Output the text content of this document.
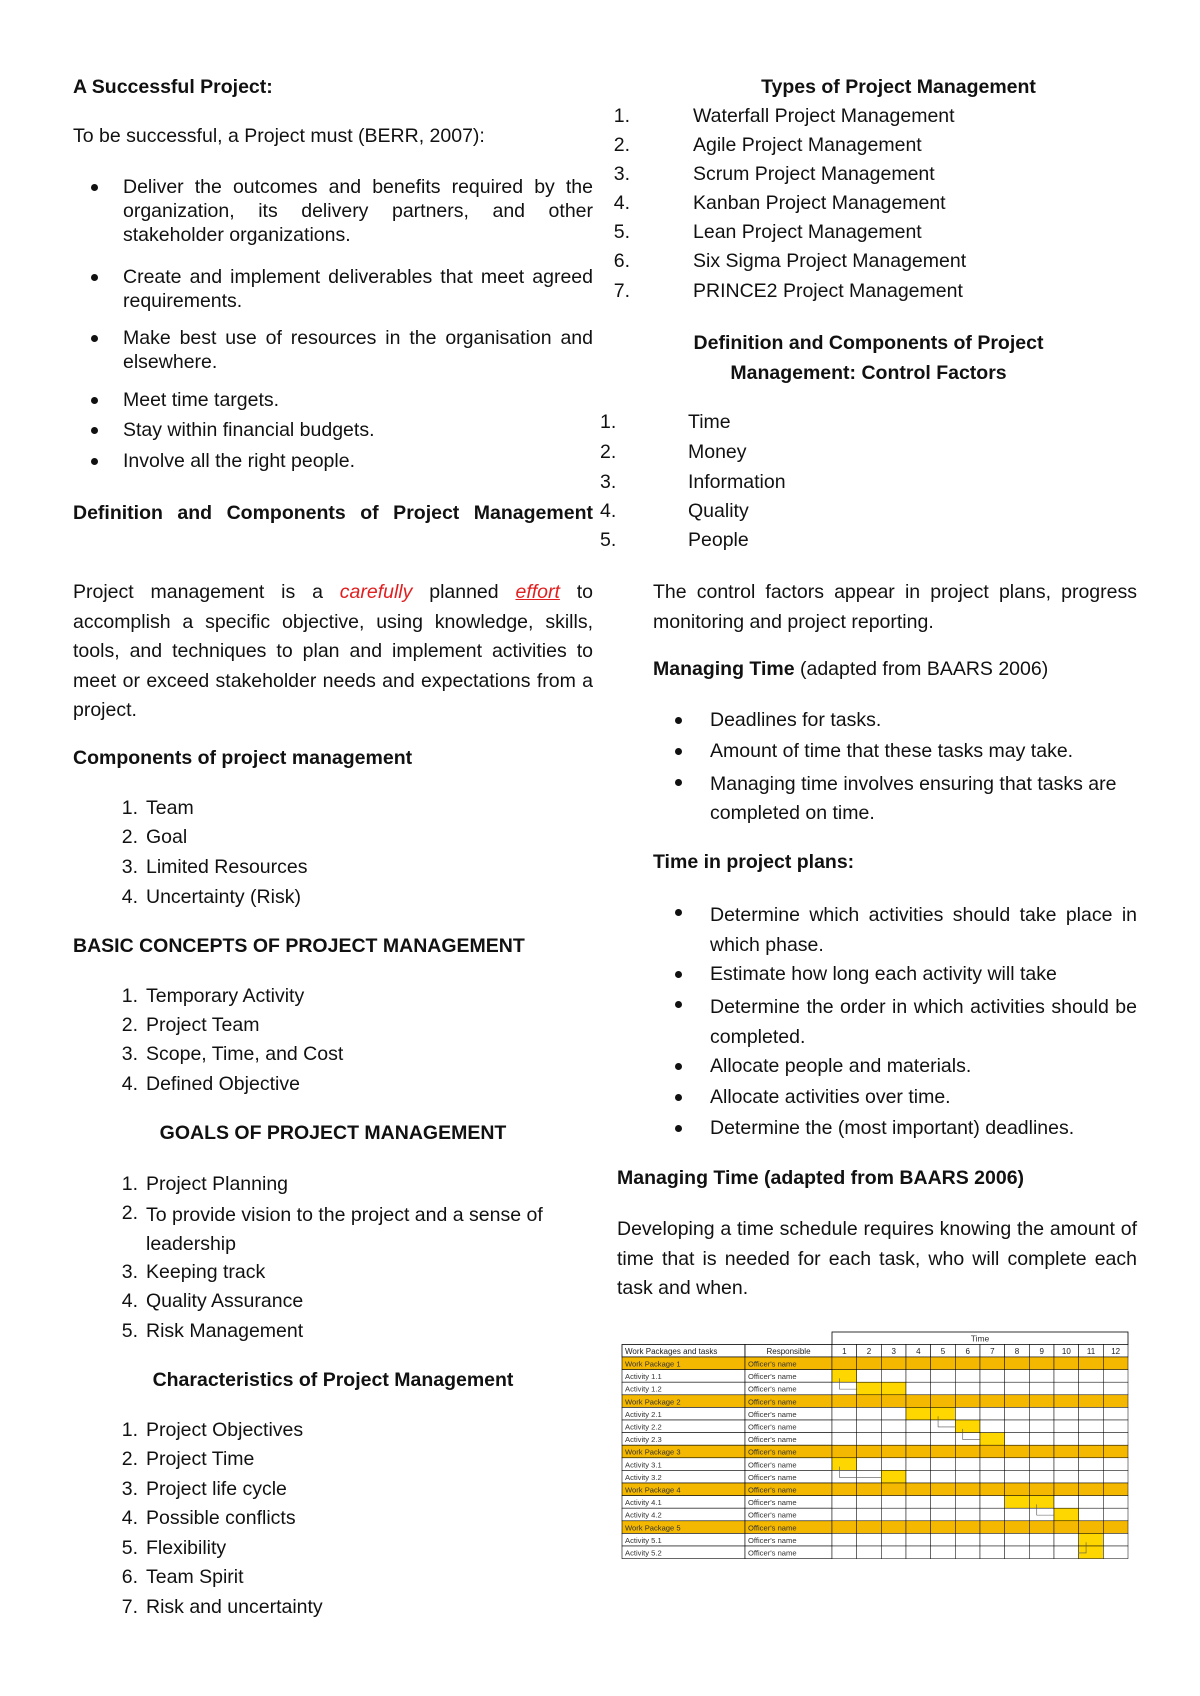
A Successful Project:
To be successful, a Project must (BERR, 2007):
Deliver the outcomes and benefits required by the organization, its delivery partners, and other stakeholder organizations.
Create and implement deliverables that meet agreed requirements.
Make best use of resources in the organisation and elsewhere.
Meet time targets.
Stay within financial budgets.
Involve all the right people.
Definition and Components of Project Management
Project management is a carefully planned effort to accomplish a specific objective, using knowledge, skills, tools, and techniques to plan and implement activities to meet or exceed stakeholder needs and expectations from a project.
Components of project management
1. Team
2. Goal
3. Limited Resources
4. Uncertainty (Risk)
BASIC CONCEPTS OF PROJECT MANAGEMENT
1. Temporary Activity
2. Project Team
3. Scope, Time, and Cost
4. Defined Objective
GOALS OF PROJECT MANAGEMENT
1. Project Planning
2. To provide vision to the project and a sense of leadership
3. Keeping track
4. Quality Assurance
5. Risk Management
Characteristics of Project Management
1. Project Objectives
2. Project Time
3. Project life cycle
4. Possible conflicts
5. Flexibility
6. Team Spirit
7. Risk and uncertainty
Types of Project Management
1.	Waterfall Project Management
2.	Agile Project Management
3.	Scrum Project Management
4.	Kanban Project Management
5.	Lean Project Management
6.	Six Sigma Project Management
7.	PRINCE2 Project Management
Definition and Components of Project
Management: Control Factors
1.	Time
2.	Money
3.	Information
4.	Quality
5.	People
The control factors appear in project plans, progress monitoring and project reporting.
Managing Time (adapted from BAARS 2006)
Deadlines for tasks.
Amount of time that these tasks may take.
Managing time involves ensuring that tasks are completed on time.
Time in project plans:
Determine which activities should take place in which phase.
Estimate how long each activity will take
Determine the order in which activities should be completed.
Allocate people and materials.
Allocate activities over time.
Determine the (most important) deadlines.
Managing Time (adapted from BAARS 2006)
Developing a time schedule requires knowing the amount of time that is needed for each task, who will complete each task and when.
Time
Work Packages and tasks	Responsible	1	2	3	4	5	6	7	8	9 10 11 12
Work Package 1	Officer's name
Activity 1.1	Officer's name
Activity 1.2	Officer's name
Work Package 2	Officer's name
Activity 2.1	Officer's name
Activity 2.2	Officer's name
Activity 2.3	Officer's name
Work Package 3	Officer's name
Activity 3.1	Officer's name
Activity 3.2	Officer's name
Work Package 4	Officer's name
Activity 4.1	Officer's name
Activity 4.2	Officer's name
Work Package 5	Officer's name
Activity 5.1	Officer's name
Activity 5.2	Officer's name
